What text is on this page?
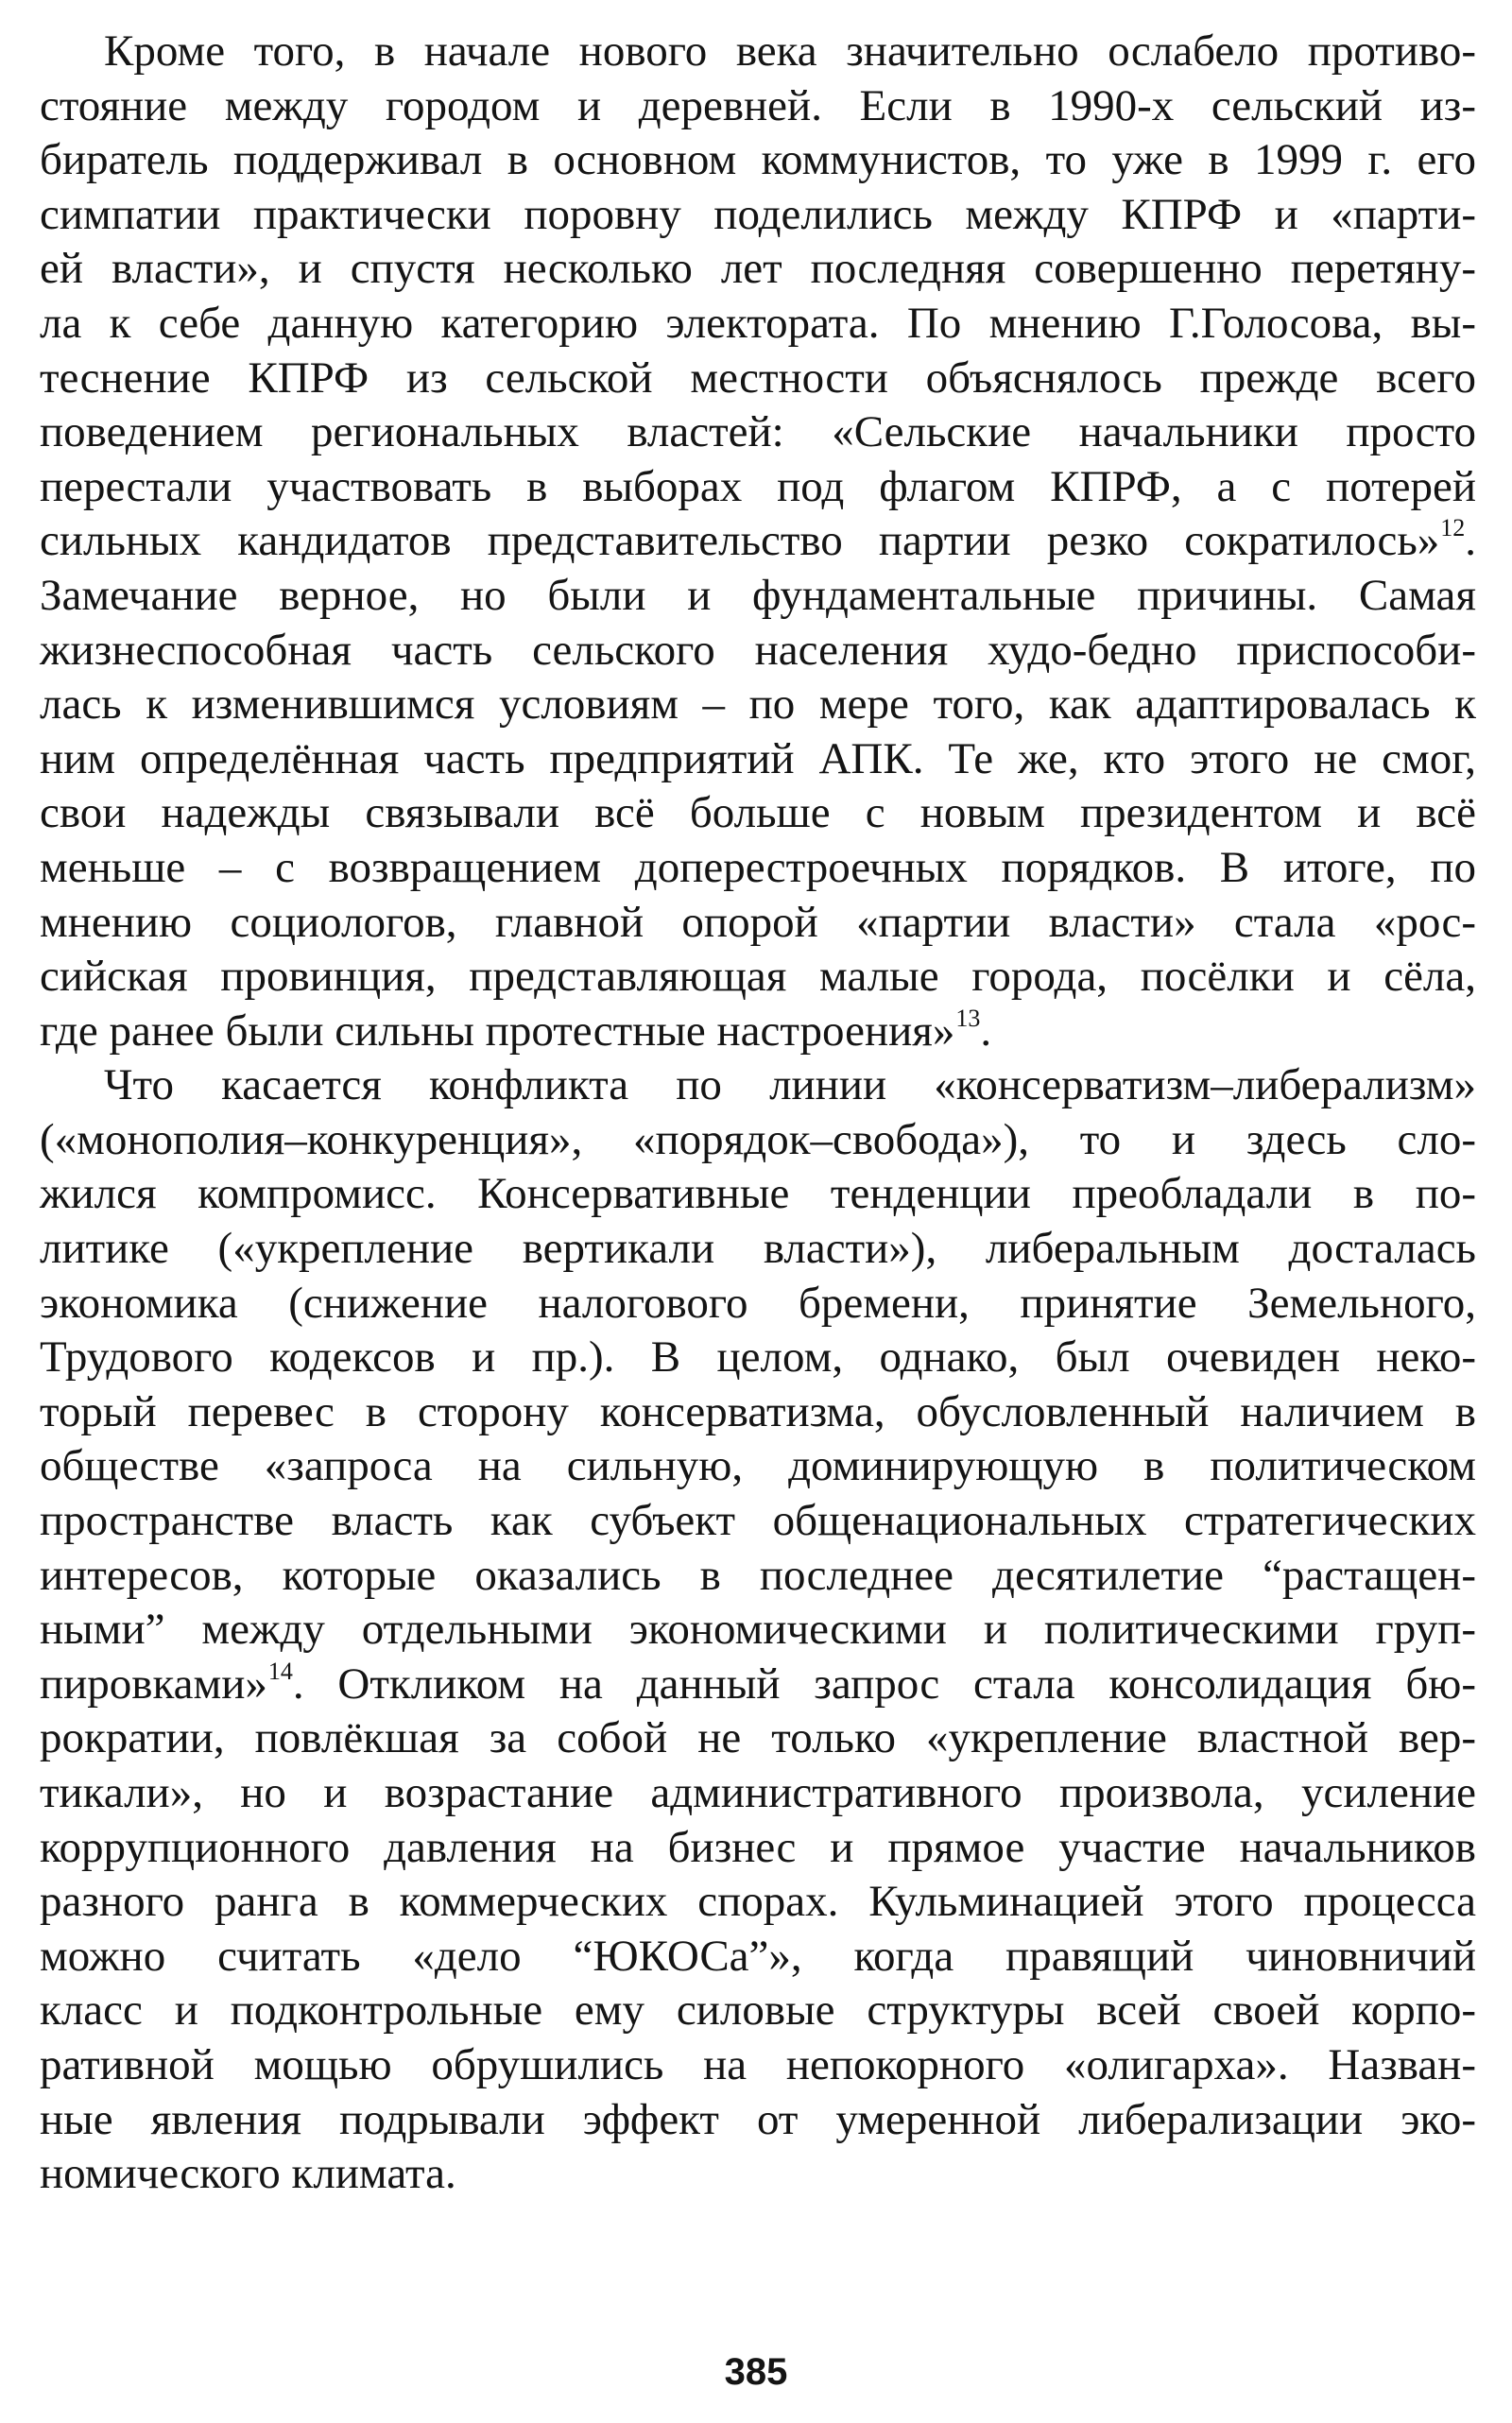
Кроме того, в начале нового века значительно ослабело противо-
стояние между городом и деревней. Если в 1990-х сельский из-
биратель поддерживал в основном коммунистов, то уже в 1999 г. его
симпатии практически поровну поделились между КПРФ и «парти-
ей власти», и спустя несколько лет последняя совершенно перетяну-
ла к себе данную категорию электората. По мнению Г.Голосова, вы-
теснение КПРФ из сельской местности объяснялось прежде всего
поведением региональных властей: «Сельские начальники просто
перестали участвовать в выборах под флагом КПРФ, а с потерей
сильных кандидатов представительство партии резко сократилось»$^{12}$.
Замечание верное, но были и фундаментальные причины. Самая
жизнеспособная часть сельского населения худо-бедно приспособи-
лась к изменившимся условиям – по мере того, как адаптировалась к
ним определённая часть предприятий АПК. Те же, кто этого не смог,
свои надежды связывали всё больше с новым президентом и всё
меньше – с возвращением доперестроечных порядков. В итоге, по
мнению социологов, главной опорой «партии власти» стала «рос-
сийская провинция, представляющая малые города, посёлки и сёла,
где ранее были сильны протестные настроения»$^{13}$.
Что касается конфликта по линии «консерватизм–либерализм»
(«монополия–конкуренция», «порядок–свобода»), то и здесь сло-
жился компромисс. Консервативные тенденции преобладали в по-
литике («укрепление вертикали власти»), либеральным досталась
экономика (снижение налогового бремени, принятие Земельного,
Трудового кодексов и пр.). В целом, однако, был очевиден неко-
торый перевес в сторону консерватизма, обусловленный наличием в
обществе «запроса на сильную, доминирующую в политическом
пространстве власть как субъект общенациональных стратегических
интересов, которые оказались в последнее десятилетие “растащен-
ными” между отдельными экономическими и политическими груп-
пировками»$^{14}$. Откликом на данный запрос стала консолидация бю-
рократии, повлёкшая за собой не только «укрепление властной вер-
тикали», но и возрастание административного произвола, усиление
коррупционного давления на бизнес и прямое участие начальников
разного ранга в коммерческих спорах. Кульминацией этого процесса
можно считать «дело “ЮКОСа”», когда правящий чиновничий
класс и подконтрольные ему силовые структуры всей своей корпо-
ративной мощью обрушились на непокорного «олигарха». Назван-
ные явления подрывали эффект от умеренной либерализации эко-
номического климата.
385
